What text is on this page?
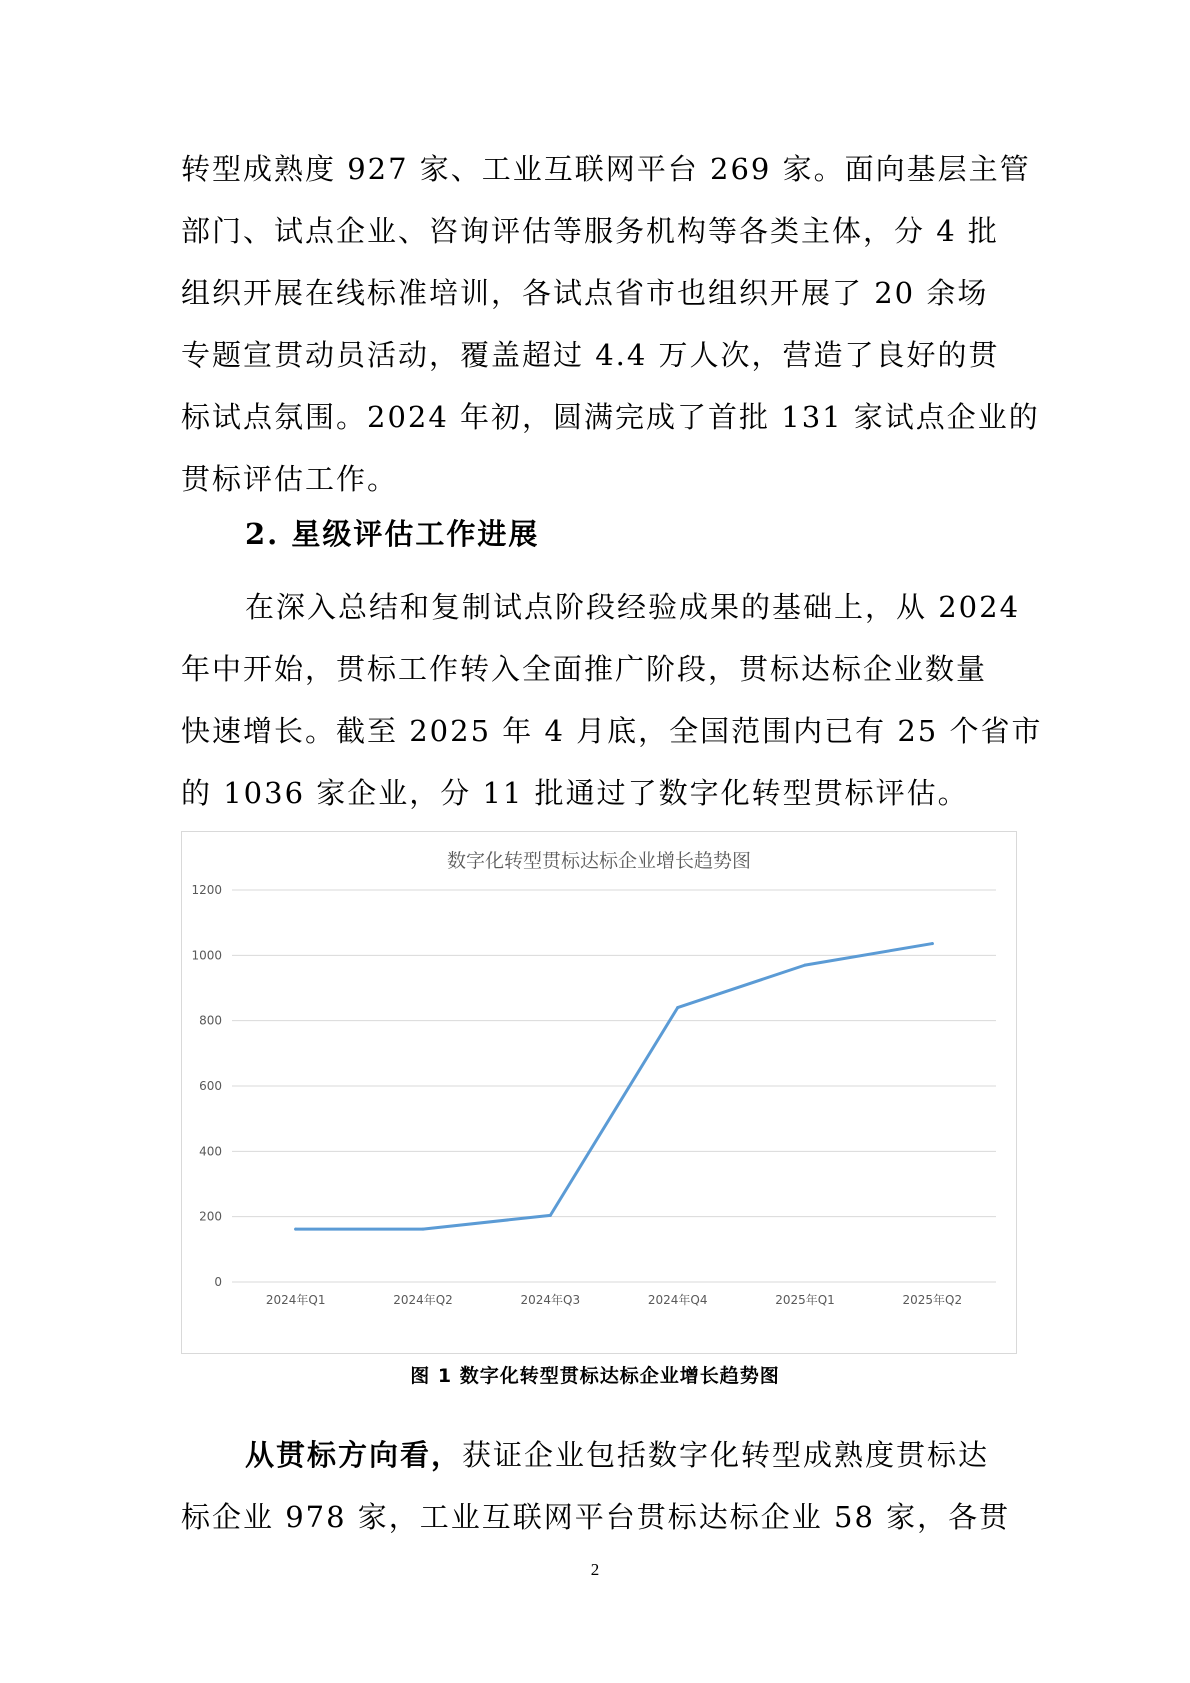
转型成熟度 927 家、工业互联网平台 269 家。面向基层主管
部门、试点企业、咨询评估等服务机构等各类主体，分 4 批
组织开展在线标准培训，各试点省市也组织开展了 20 余场
专题宣贯动员活动，覆盖超过 4.4 万人次，营造了良好的贯
标试点氛围。2024 年初，圆满完成了首批 131 家试点企业的
贯标评估工作。
2. 星级评估工作进展
在深入总结和复制试点阶段经验成果的基础上，从 2024
年中开始，贯标工作转入全面推广阶段，贯标达标企业数量
快速增长。截至 2025 年 4 月底，全国范围内已有 25 个省市
的 1036 家企业，分 11 批通过了数字化转型贯标评估。
数字化转型贯标达标企业增长趋势图
0
200
400
600
800
1000
1200
2024年Q1	2024年Q2	2024年Q3	2024年Q4	2025年Q1	2025年Q2
图 1 数字化转型贯标达标企业增长趋势图
从贯标方向看，获证企业包括数字化转型成熟度贯标达
标企业 978 家，工业互联网平台贯标达标企业 58 家，各贯
2
